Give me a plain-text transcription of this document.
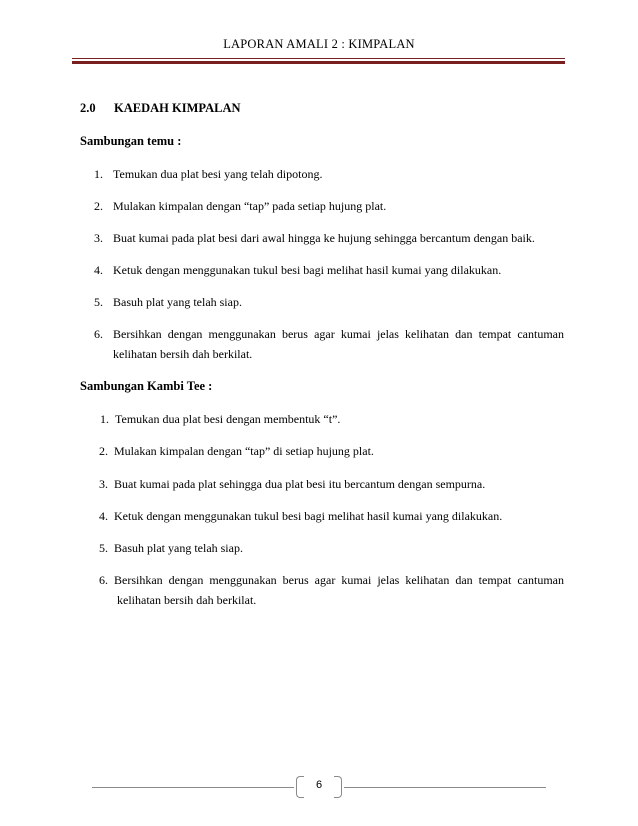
LAPORAN AMALI 2 : KIMPALAN
2.0 KAEDAH KIMPALAN
Sambungan temu :
1. Temukan dua plat besi yang telah dipotong.
2. Mulakan kimpalan dengan “tap” pada setiap hujung plat.
3. Buat kumai pada plat besi dari awal hingga ke hujung sehingga bercantum dengan baik.
4. Ketuk dengan menggunakan tukul besi bagi melihat hasil kumai yang dilakukan.
5. Basuh plat yang telah siap.
6. Bersihkan dengan menggunakan berus agar kumai jelas kelihatan dan tempat cantuman
kelihatan bersih dah berkilat.
Sambungan Kambi Tee :
1. Temukan dua plat besi dengan membentuk “t”.
2. Mulakan kimpalan dengan “tap” di setiap hujung plat.
3. Buat kumai pada plat sehingga dua plat besi itu bercantum dengan sempurna.
4. Ketuk dengan menggunakan tukul besi bagi melihat hasil kumai yang dilakukan.
5. Basuh plat yang telah siap.
6. Bersihkan dengan menggunakan berus agar kumai jelas kelihatan dan tempat cantuman
kelihatan bersih dah berkilat.
6
